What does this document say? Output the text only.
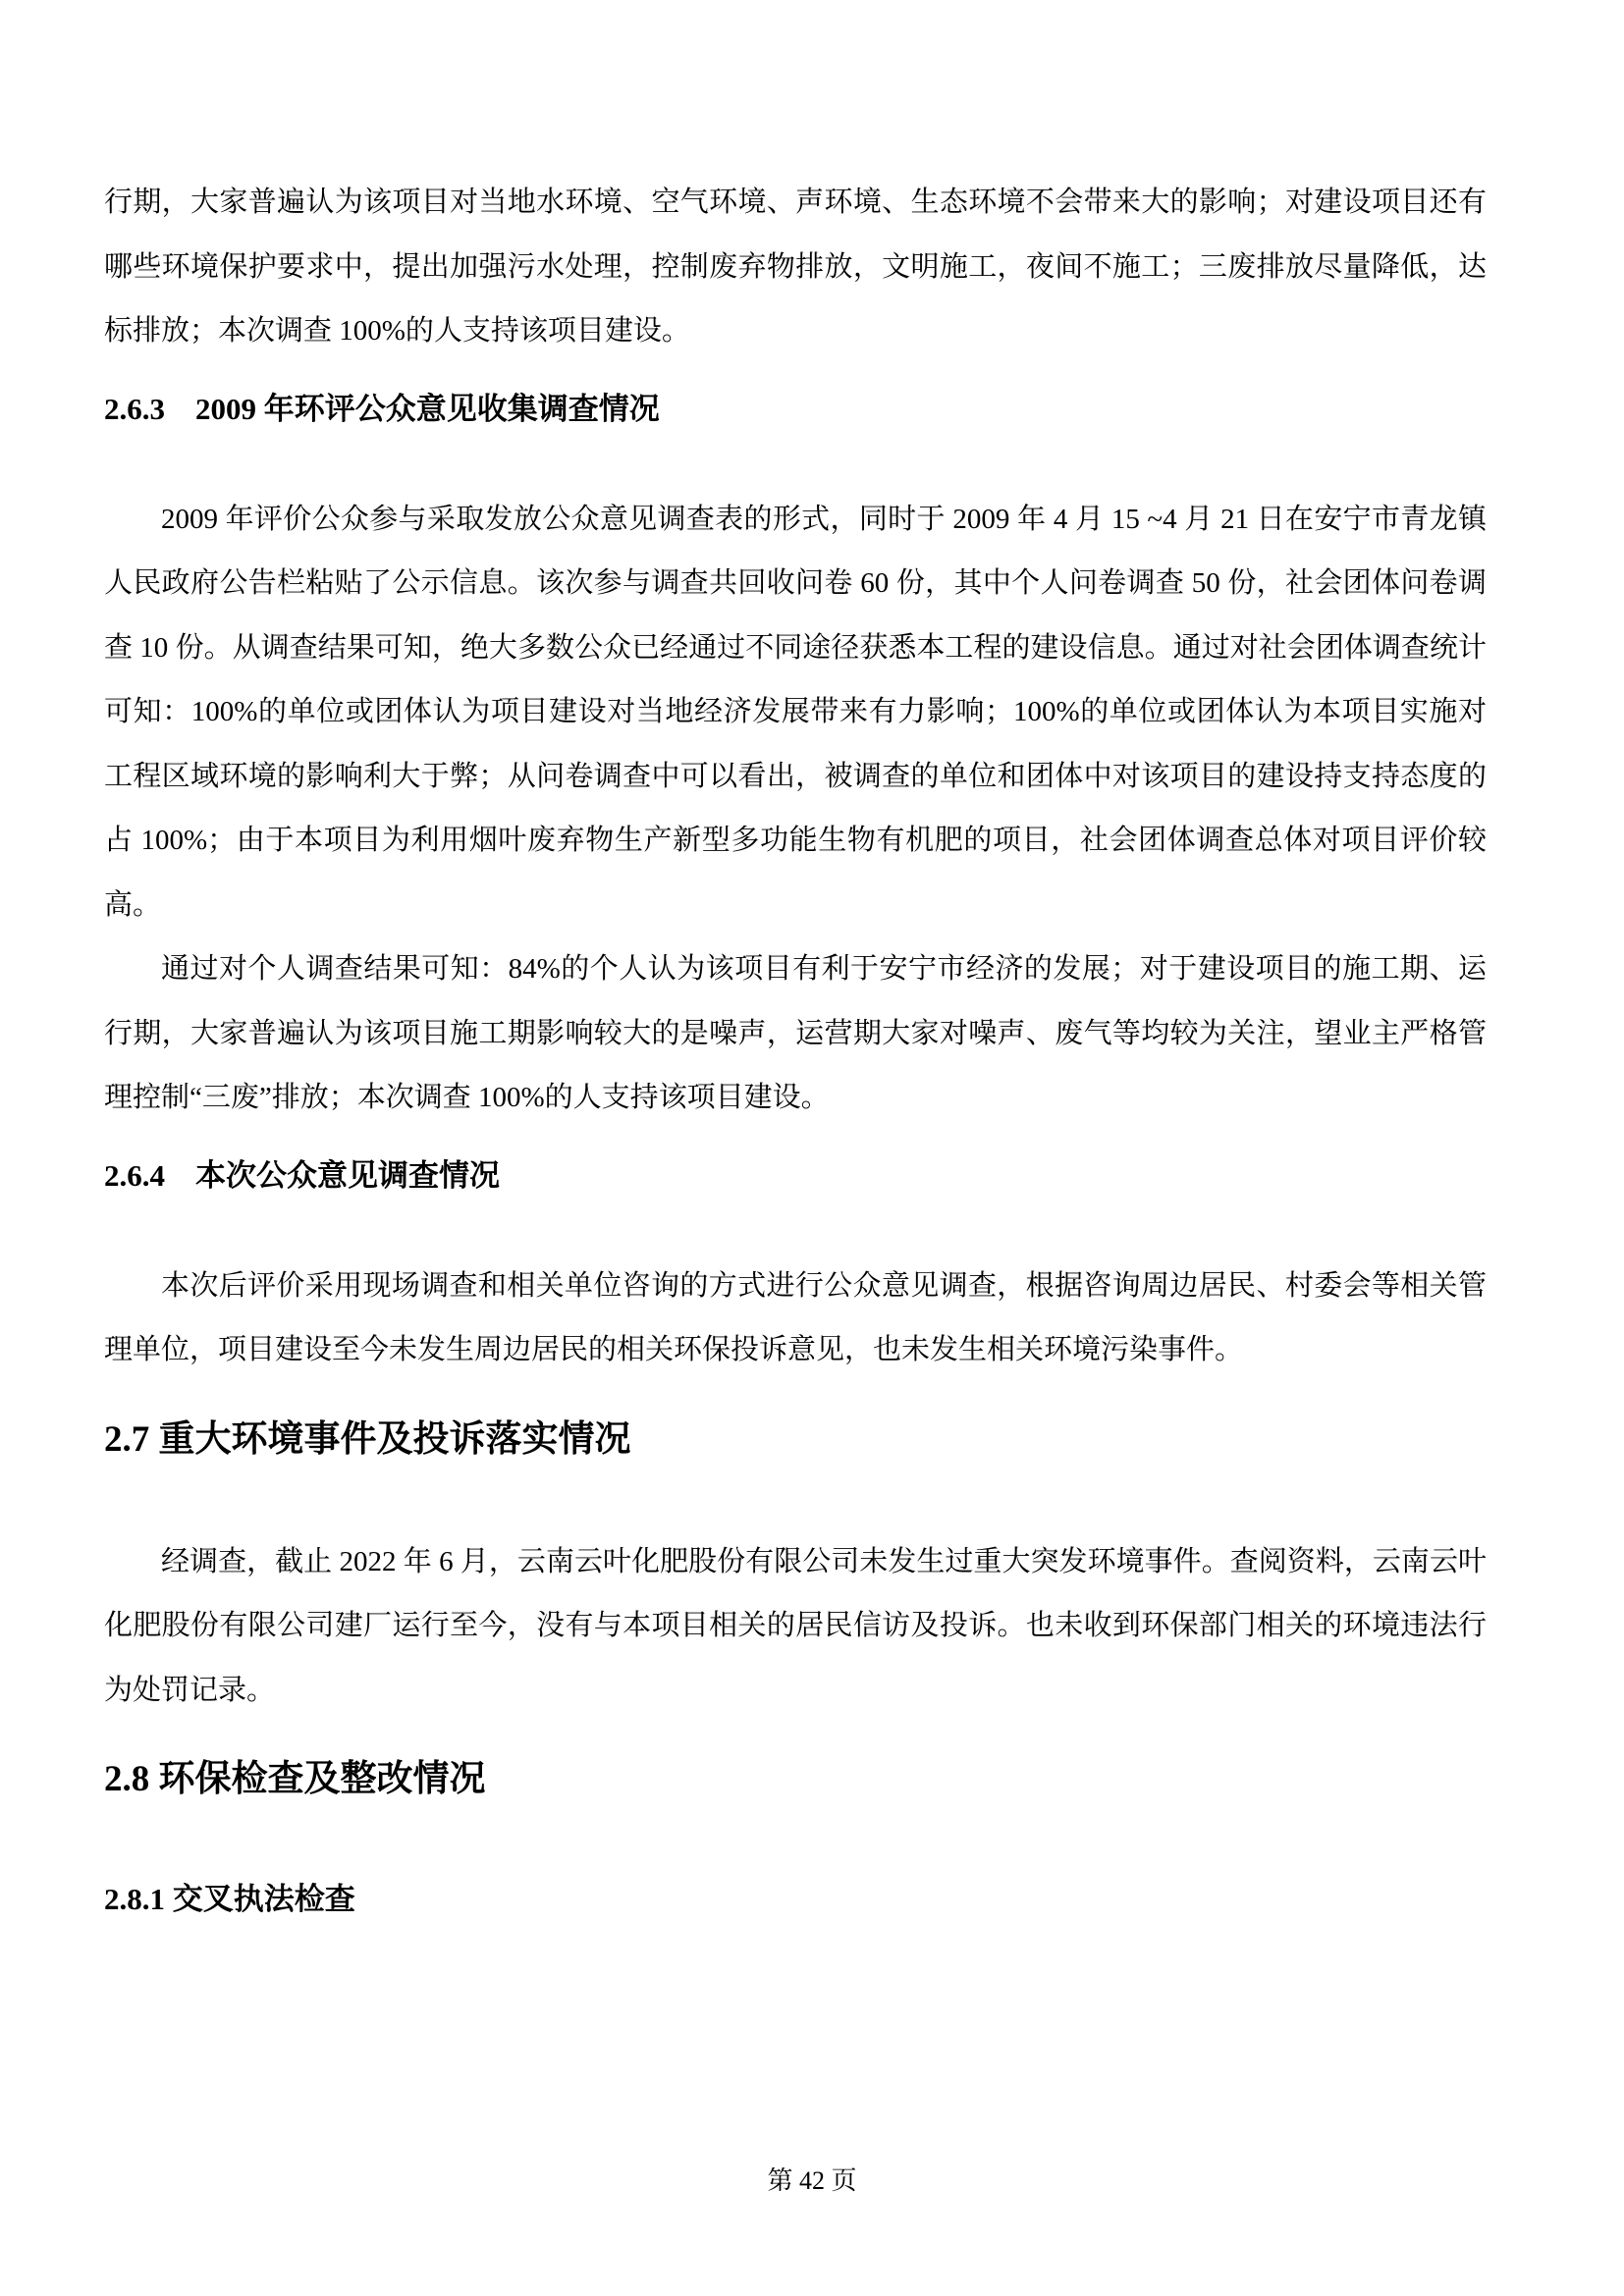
行期，大家普遍认为该项目对当地水环境、空气环境、声环境、生态环境不会带来大的影响；对建设项目还有哪些环境保护要求中，提出加强污水处理，控制废弃物排放，文明施工，夜间不施工；三废排放尽量降低，达标排放；本次调查 100%的人支持该项目建设。

2.6.3　2009 年环评公众意见收集调查情况

2009 年评价公众参与采取发放公众意见调查表的形式，同时于 2009 年 4 月 15 ~4 月 21 日在安宁市青龙镇人民政府公告栏粘贴了公示信息。该次参与调查共回收问卷 60 份，其中个人问卷调查 50 份，社会团体问卷调查 10 份。从调查结果可知，绝大多数公众已经通过不同途径获悉本工程的建设信息。通过对社会团体调查统计可知：100%的单位或团体认为项目建设对当地经济发展带来有力影响；100%的单位或团体认为本项目实施对工程区域环境的影响利大于弊；从问卷调查中可以看出，被调查的单位和团体中对该项目的建设持支持态度的占 100%；由于本项目为利用烟叶废弃物生产新型多功能生物有机肥的项目，社会团体调查总体对项目评价较高。

通过对个人调查结果可知：84%的个人认为该项目有利于安宁市经济的发展；对于建设项目的施工期、运行期，大家普遍认为该项目施工期影响较大的是噪声，运营期大家对噪声、废气等均较为关注，望业主严格管理控制“三废”排放；本次调查 100%的人支持该项目建设。

2.6.4　本次公众意见调查情况

本次后评价采用现场调查和相关单位咨询的方式进行公众意见调查，根据咨询周边居民、村委会等相关管理单位，项目建设至今未发生周边居民的相关环保投诉意见，也未发生相关环境污染事件。

2.7 重大环境事件及投诉落实情况

经调查，截止 2022 年 6 月，云南云叶化肥股份有限公司未发生过重大突发环境事件。查阅资料，云南云叶化肥股份有限公司建厂运行至今，没有与本项目相关的居民信访及投诉。也未收到环保部门相关的环境违法行为处罚记录。

2.8 环保检查及整改情况
2.8.1 交叉执法检查
第 42 页
